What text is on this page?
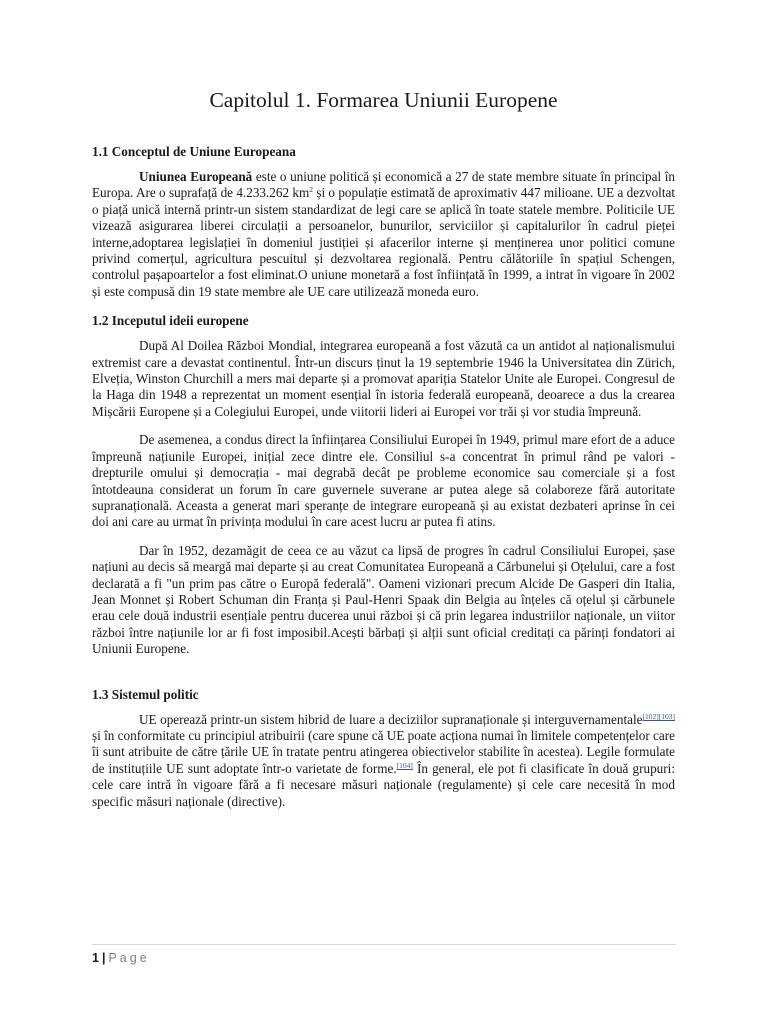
Capitolul 1. Formarea Uniunii Europene
1.1 Conceptul de Uniune Europeana

Uniunea Europeană este o uniune politică și economică a 27 de state membre situate în principal în Europa. Are o suprafață de 4.233.262 $km^2$ și o populație estimată de aproximativ 447 milioane. UE a dezvoltat o piață unică internă printr-un sistem standardizat de legi care se aplică în toate statele membre. Politicile UE vizează asigurarea liberei circulații a persoanelor, bunurilor, serviciilor și capitalurilor în cadrul pieței interne,adoptarea legislației în domeniul justiției și afacerilor interne și menținerea unor politici comune privind comerțul, agricultura pescuitul și dezvoltarea regională. Pentru călătoriile în spațiul Schengen, controlul pașapoartelor a fost eliminat.O uniune monetară a fost înființată în 1999, a intrat în vigoare în 2002 și este compusă din 19 state membre ale UE care utilizează moneda euro.

1.2 Inceputul ideii europene

După Al Doilea Război Mondial, integrarea europeană a fost văzută ca un antidot al naționalismului extremist care a devastat continentul. Într-un discurs ținut la 19 septembrie 1946 la Universitatea din Zürich, Elveția, Winston Churchill a mers mai departe și a promovat apariția Statelor Unite ale Europei. Congresul de la Haga din 1948 a reprezentat un moment esențial în istoria federală europeană, deoarece a dus la crearea Mișcării Europene și a Colegiului Europei, unde viitorii lideri ai Europei vor trăi și vor studia împreună.

De asemenea, a condus direct la înființarea Consiliului Europei în 1949, primul mare efort de a aduce împreună națiunile Europei, inițial zece dintre ele. Consiliul s-a concentrat în primul rând pe valori - drepturile omului și democrația - mai degrabă decât pe probleme economice sau comerciale și a fost întotdeauna considerat un forum în care guvernele suverane ar putea alege să colaboreze fără autoritate supranațională. Aceasta a generat mari speranțe de integrare europeană și au existat dezbateri aprinse în cei doi ani care au urmat în privința modului în care acest lucru ar putea fi atins.

Dar în 1952, dezamăgit de ceea ce au văzut ca lipsă de progres în cadrul Consiliului Europei, șase națiuni au decis să meargă mai departe și au creat Comunitatea Europeană a Cărbunelui și Oțelului, care a fost declarată a fi "un prim pas către o Europă federală". Oameni vizionari precum Alcide De Gasperi din Italia, Jean Monnet și Robert Schuman din Franța și Paul-Henri Spaak din Belgia au înțeles că oțelul și cărbunele erau cele două industrii esențiale pentru ducerea unui război și că prin legarea industriilor naționale, un viitor război între națiunile lor ar fi fost imposibil.Acești bărbați și alții sunt oficial creditați ca părinți fondatori ai Uniunii Europene.

1.3 Sistemul politic

UE operează printr-un sistem hibrid de luare a deciziilor supranaționale și interguvernamentale[102][103] și în conformitate cu principiul atribuirii (care spune că UE poate acționa numai în limitele competențelor care îi sunt atribuite de către țările UE în tratate pentru atingerea obiectivelor stabilite în acestea). Legile formulate de instituțiile UE sunt adoptate într-o varietate de forme.[104] În general, ele pot fi clasificate în două grupuri: cele care intră în vigoare fără a fi necesare măsuri naționale (regulamente) și cele care necesită în mod specific măsuri naționale (directive).

1 | Page
